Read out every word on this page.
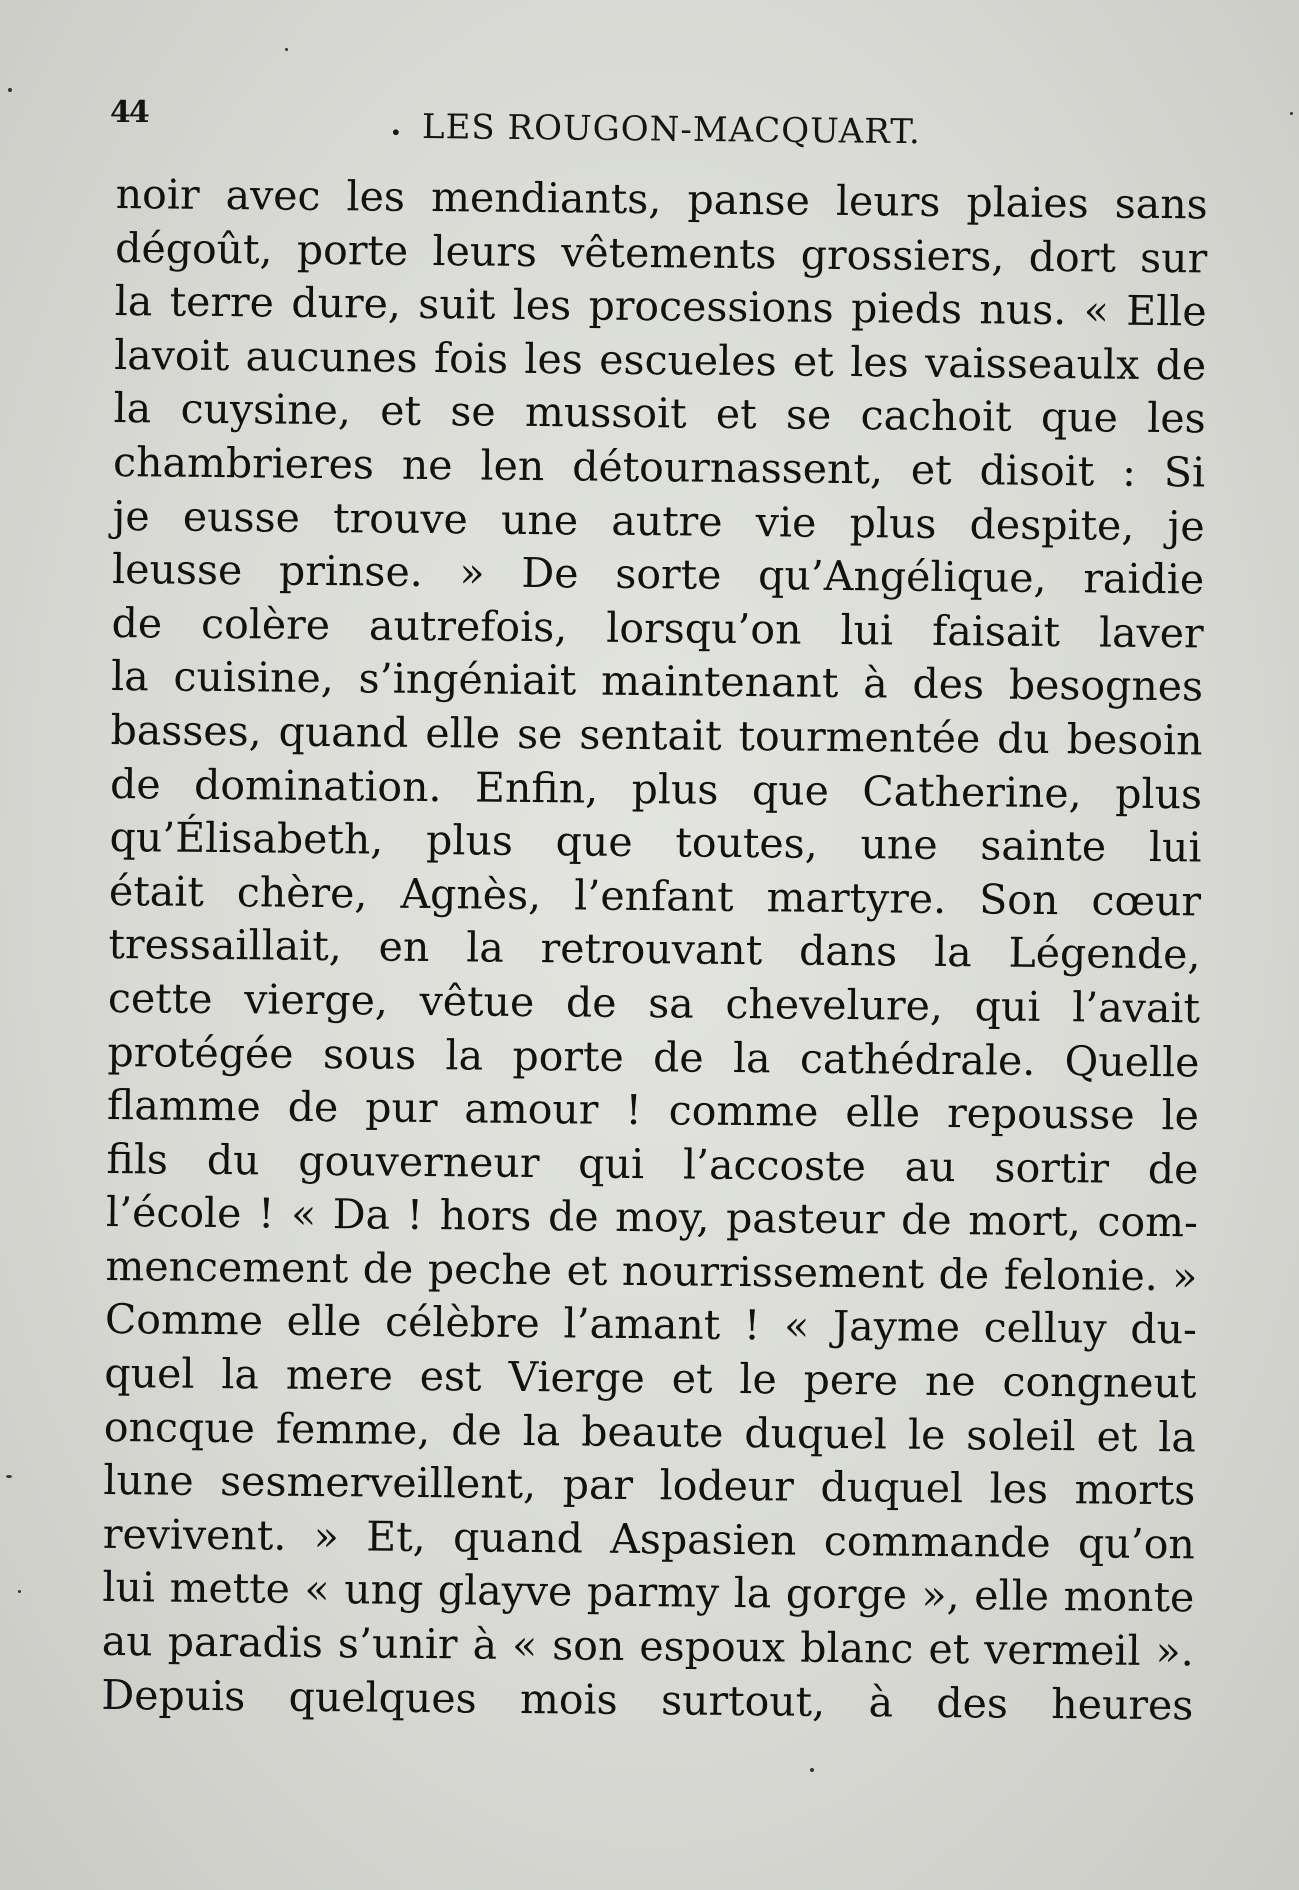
44
•	LES ROUGON-MACQUART.
noir avec les mendiants, panse leurs plaies sans
dégoût, porte leurs vêtements grossiers, dort sur
la terre dure, suit les processions pieds nus. « Elle
lavoit aucunes fois les escueles et les vaisseaulx de
la cuysine, et se mussoit et se cachoit que les
chambrieres ne len détournassent, et disoit : Si
je eusse trouve une autre vie plus despite, je
leusse prinse. » De sorte qu’Angélique, raidie
de colère autrefois, lorsqu’on lui faisait laver
la cuisine, s’ingéniait maintenant à des besognes
basses, quand elle se sentait tourmentée du besoin
de domination. Enfin, plus que Catherine, plus
qu’Élisabeth, plus que toutes, une sainte lui
était chère, Agnès, l’enfant martyre. Son cœur
tressaillait, en la retrouvant dans la Légende,
cette vierge, vêtue de sa chevelure, qui l’avait
protégée sous la porte de la cathédrale. Quelle
flamme de pur amour ! comme elle repousse le
fils du gouverneur qui l’accoste au sortir de
l’école ! « Da ! hors de moy, pasteur de mort, com-
mencement de peche et nourrissement de felonie. »
Comme elle célèbre l’amant ! « Jayme celluy du-
quel la mere est Vierge et le pere ne congneut
oncque femme, de la beaute duquel le soleil et la
lune sesmerveillent, par lodeur duquel les morts
revivent. » Et, quand Aspasien commande qu’on
lui mette « ung glayve parmy la gorge », elle monte
au paradis s’unir à « son espoux blanc et vermeil ».
Depuis quelques mois surtout, à des heures
